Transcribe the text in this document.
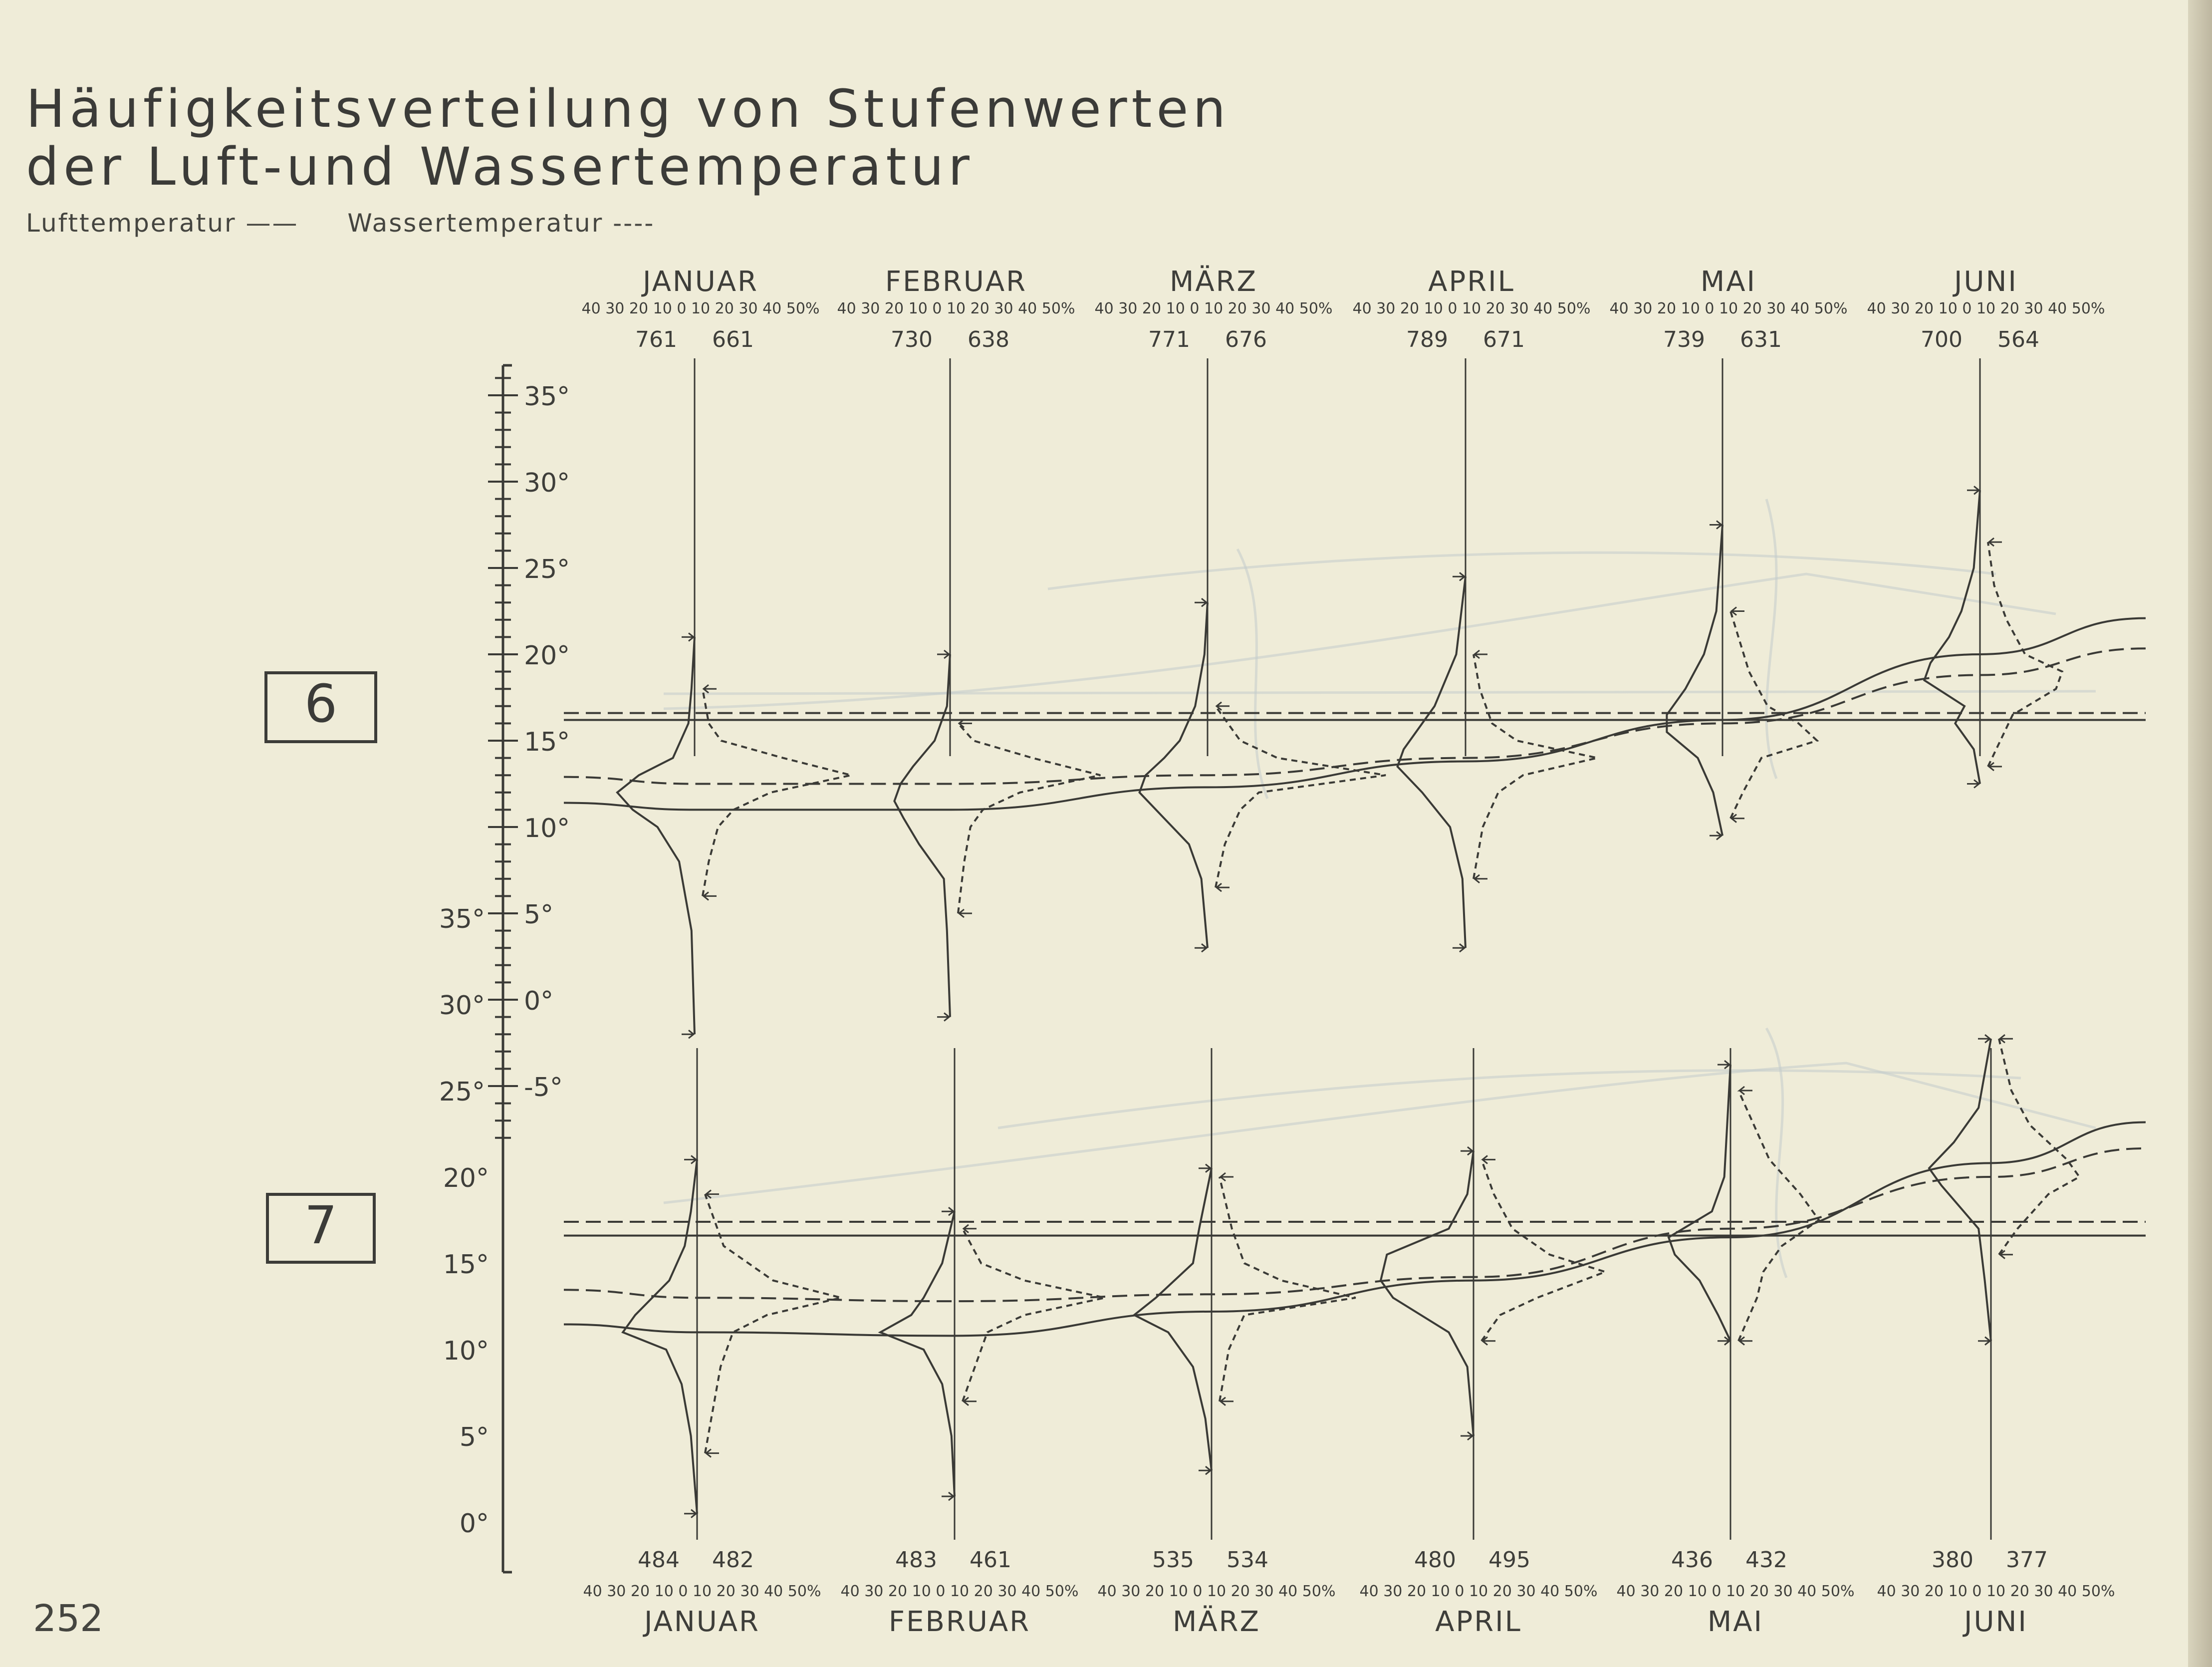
Häufigkeitsverteilung von Stufenwerten
der Luft-und Wassertemperatur
Lufttemperatur —— Wassertemperatur ----
252
6
7
-5°
0°
5°
10°
15°
20°
25°
30°
35°
0°
5°
10°
15°
20°
25°
30°
35°
JANUAR
40 30 20 10 0 10 20 30 40 50%
761 661
484 482
40 30 20 10 0 10 20 30 40 50%
JANUAR
FEBRUAR
40 30 20 10 0 10 20 30 40 50%
730 638
483 461
40 30 20 10 0 10 20 30 40 50%
FEBRUAR
MÄRZ
40 30 20 10 0 10 20 30 40 50%
771 676
535 534
40 30 20 10 0 10 20 30 40 50%
MÄRZ
APRIL
40 30 20 10 0 10 20 30 40 50%
789 671
480 495
40 30 20 10 0 10 20 30 40 50%
APRIL
MAI
40 30 20 10 0 10 20 30 40 50%
739 631
436 432
40 30 20 10 0 10 20 30 40 50%
MAI
JUNI
40 30 20 10 0 10 20 30 40 50%
700 564
380 377
40 30 20 10 0 10 20 30 40 50%
JUNI
